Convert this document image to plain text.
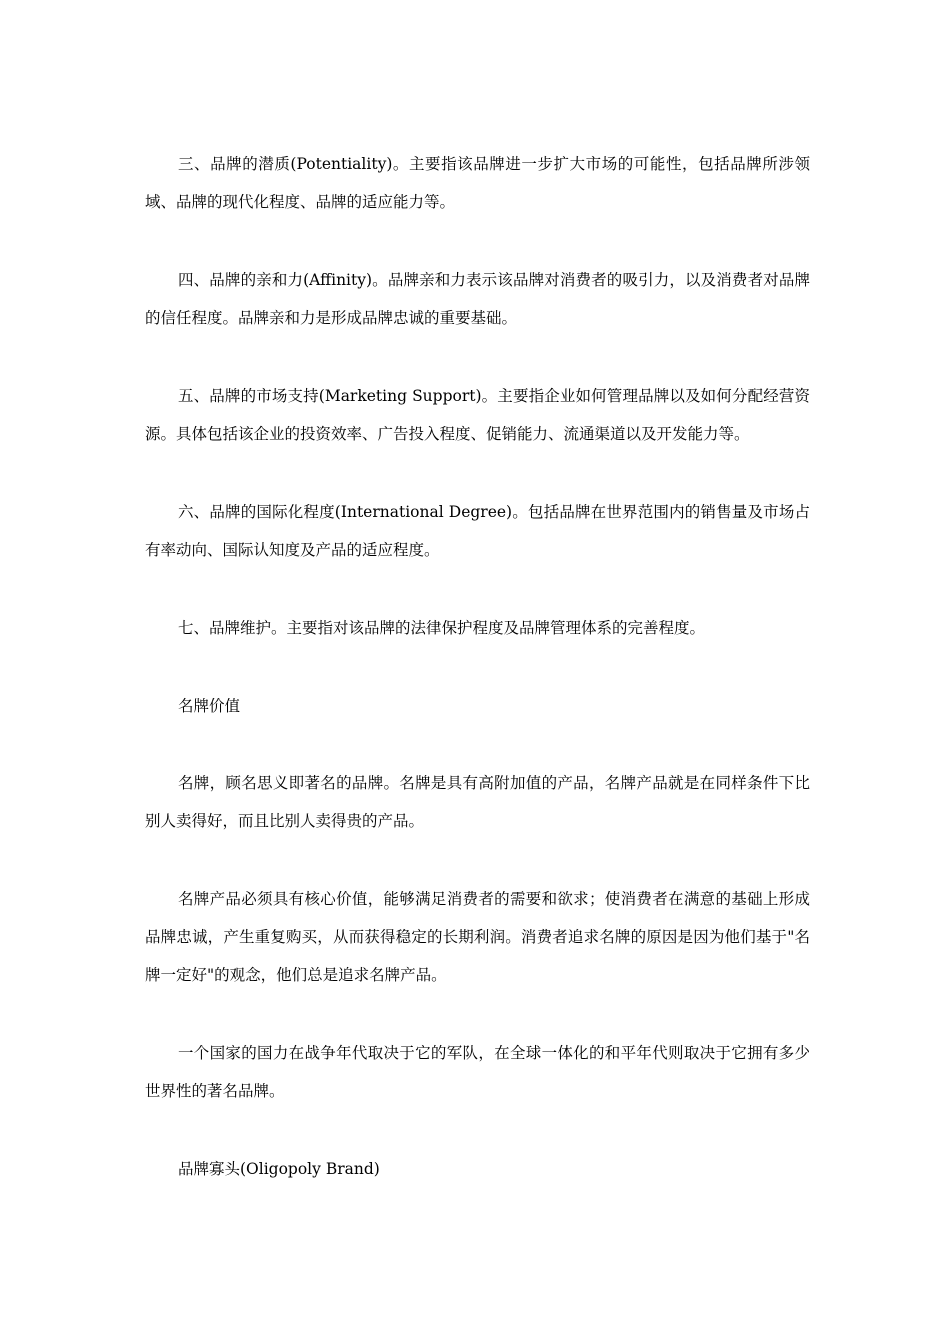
三、品牌的潜质(Potentiality)。主要指该品牌进一步扩大市场的可能性，包括品牌所涉领域、品牌的现代化程度、品牌的适应能力等。

四、品牌的亲和力(Affinity)。品牌亲和力表示该品牌对消费者的吸引力，以及消费者对品牌的信任程度。品牌亲和力是形成品牌忠诚的重要基础。

五、品牌的市场支持(Marketing Support)。主要指企业如何管理品牌以及如何分配经营资源。具体包括该企业的投资效率、广告投入程度、促销能力、流通渠道以及开发能力等。

六、品牌的国际化程度(International Degree)。包括品牌在世界范围内的销售量及市场占有率动向、国际认知度及产品的适应程度。

七、品牌维护。主要指对该品牌的法律保护程度及品牌管理体系的完善程度。

名牌价值

名牌，顾名思义即著名的品牌。名牌是具有高附加值的产品，名牌产品就是在同样条件下比别人卖得好，而且比别人卖得贵的产品。

名牌产品必须具有核心价值，能够满足消费者的需要和欲求；使消费者在满意的基础上形成品牌忠诚，产生重复购买，从而获得稳定的长期利润。消费者追求名牌的原因是因为他们基于"名牌一定好"的观念，他们总是追求名牌产品。

一个国家的国力在战争年代取决于它的军队，在全球一体化的和平年代则取决于它拥有多少世界性的著名品牌。

品牌寡头(Oligopoly Brand)
